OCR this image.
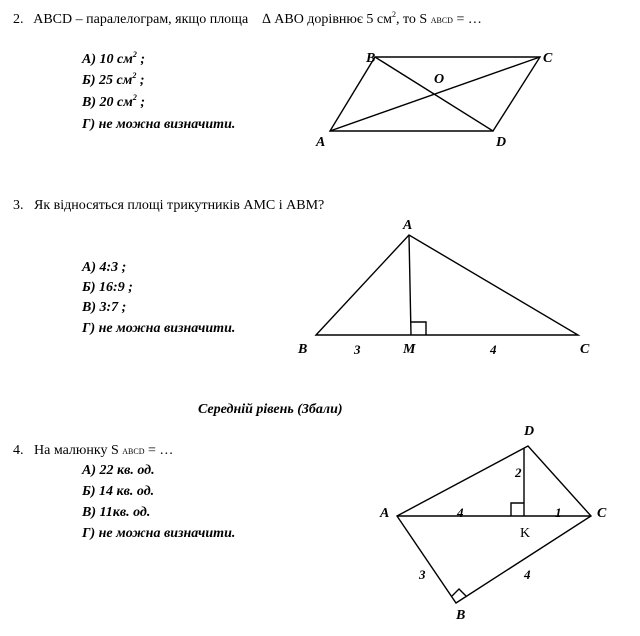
2. ABCD – паралелограм, якщо площа ∆ ABO дорівнює 5 $см^2$, то S ABCD = …
А) 10 $см^2$ ;
Б) 25 $см^2$ ;
В) 20 $см^2$ ;
Г) не можна визначити.
B	C
O
A	D
3. Як відносяться площі трикутників AMC і ABM?
А) 4:3 ;
Б) 16:9 ;
В) 3:7 ;
Г) не можна визначити.
A
B	3	M	4	C
Середній рівень (3бали)
4. На малюнку S ABCD = …
А) 22 кв. од.
Б) 14 кв. од.
В) 11кв. од.
Г) не можна визначити.
D
2
A	4	1	C
K
3	4
B
